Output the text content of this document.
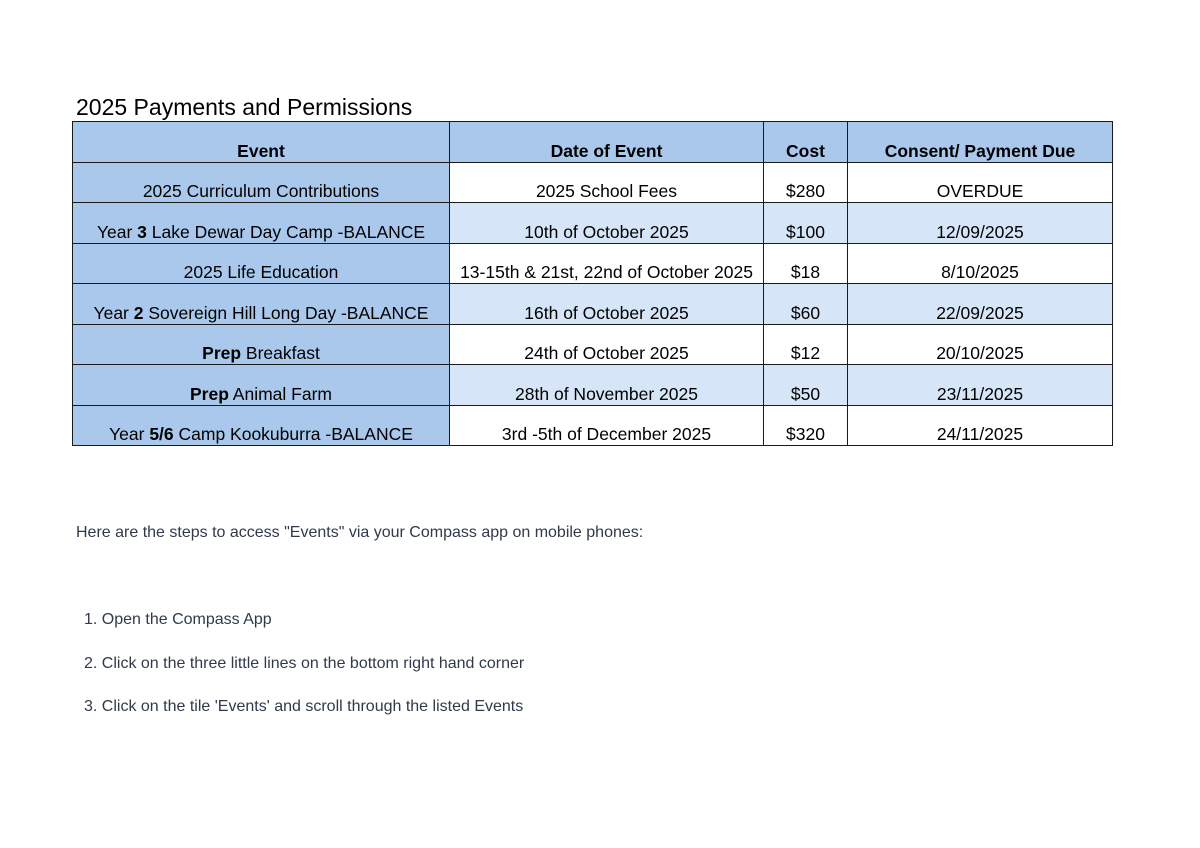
2025 Payments and Permissions
Event	Date of Event	Cost	Consent/ Payment Due
2025 Curriculum Contributions	2025 School Fees	$280	OVERDUE
Year 3 Lake Dewar Day Camp -BALANCE	10th of October 2025	$100	12/09/2025
2025 Life Education	13-15th & 21st, 22nd of October 2025	$18	8/10/2025
Year 2 Sovereign Hill Long Day -BALANCE	16th of October 2025	$60	22/09/2025
Prep Breakfast	24th of October 2025	$12	20/10/2025
Prep Animal Farm	28th of November 2025	$50	23/11/2025
Year 5/6 Camp Kookuburra -BALANCE	3rd -5th of December 2025	$320	24/11/2025
Here are the steps to access "Events" via your Compass app on mobile phones:
1. Open the Compass App
2. Click on the three little lines on the bottom right hand corner
3. Click on the tile 'Events' and scroll through the listed Events
